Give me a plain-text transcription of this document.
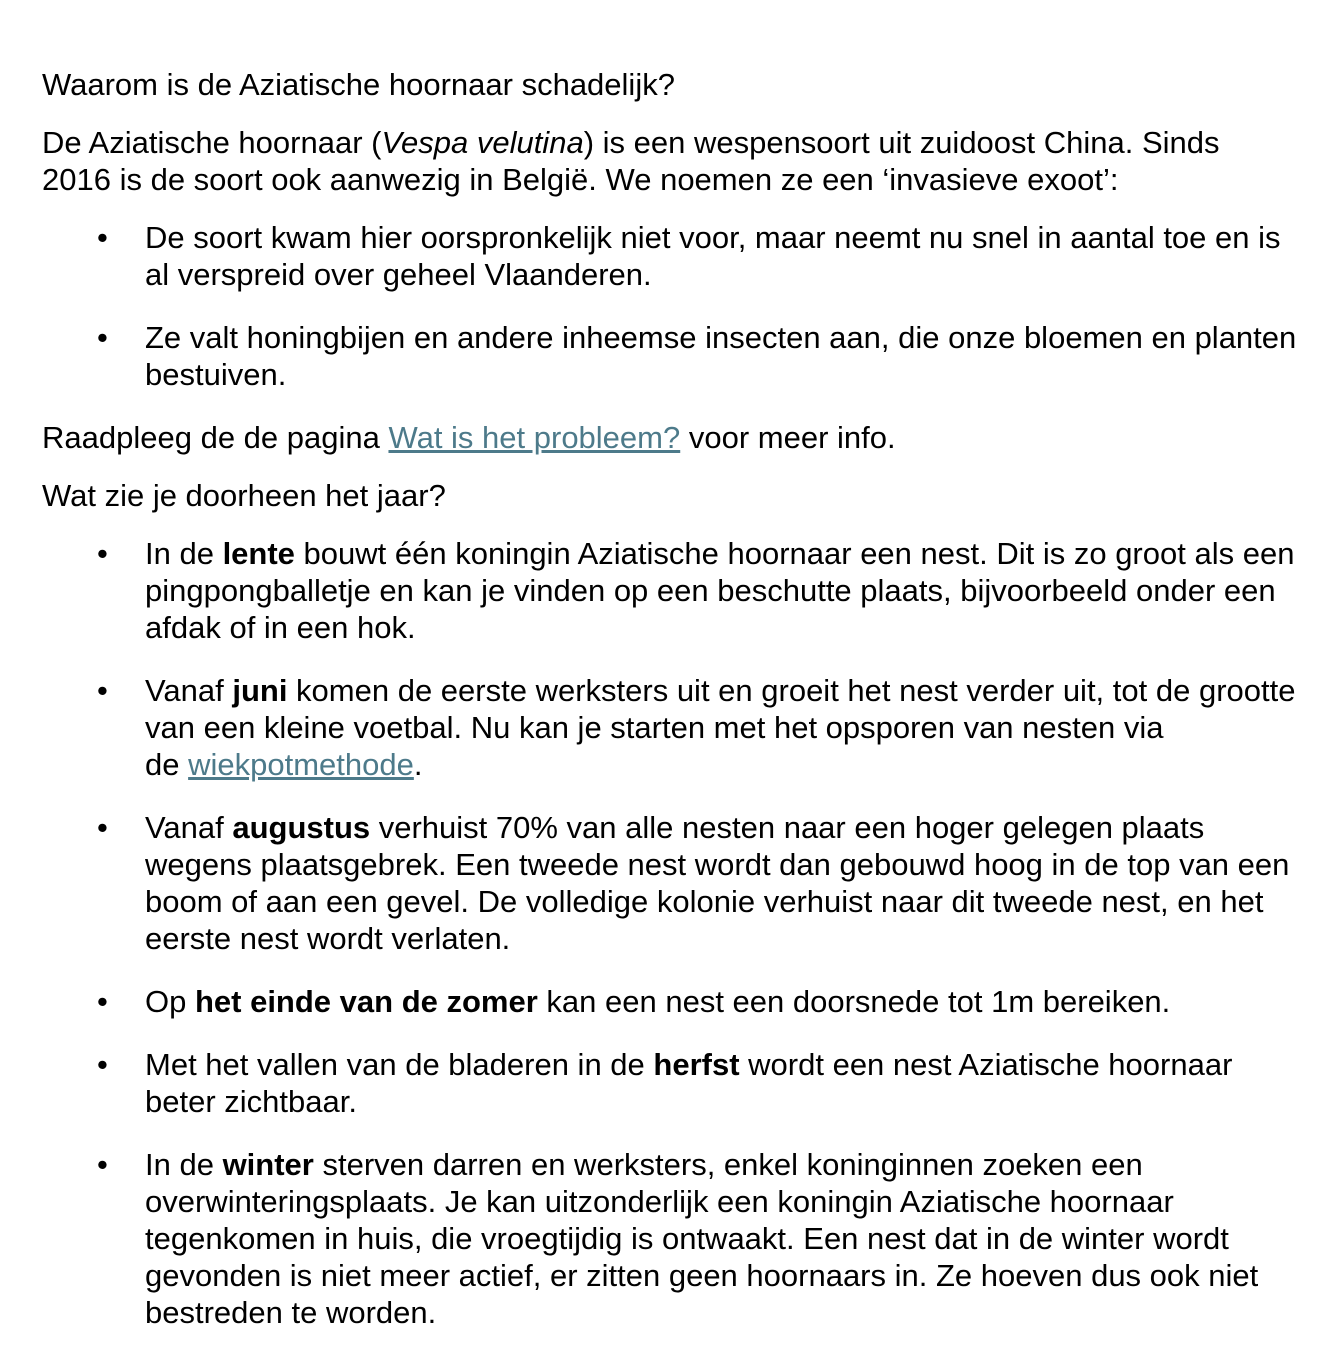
Waarom is de Aziatische hoornaar schadelijk?

De Aziatische hoornaar (Vespa velutina) is een wespensoort uit zuidoost China. Sinds 2016 is de soort ook aanwezig in België. We noemen ze een ‘invasieve exoot’:

• De soort kwam hier oorspronkelijk niet voor, maar neemt nu snel in aantal toe en is al verspreid over geheel Vlaanderen.
• Ze valt honingbijen en andere inheemse insecten aan, die onze bloemen en planten bestuiven.

Raadpleeg de de pagina Wat is het probleem? voor meer info.

Wat zie je doorheen het jaar?

• In de lente bouwt één koningin Aziatische hoornaar een nest. Dit is zo groot als een pingpongballetje en kan je vinden op een beschutte plaats, bijvoorbeeld onder een afdak of in een hok.
• Vanaf juni komen de eerste werksters uit en groeit het nest verder uit, tot de grootte van een kleine voetbal. Nu kan je starten met het opsporen van nesten via de wiekpotmethode.
• Vanaf augustus verhuist 70% van alle nesten naar een hoger gelegen plaats wegens plaatsgebrek. Een tweede nest wordt dan gebouwd hoog in de top van een boom of aan een gevel. De volledige kolonie verhuist naar dit tweede nest, en het eerste nest wordt verlaten.
• Op het einde van de zomer kan een nest een doorsnede tot 1m bereiken.
• Met het vallen van de bladeren in de herfst wordt een nest Aziatische hoornaar beter zichtbaar.
• In de winter sterven darren en werksters, enkel koninginnen zoeken een overwinteringsplaats. Je kan uitzonderlijk een koningin Aziatische hoornaar tegenkomen in huis, die vroegtijdig is ontwaakt. Een nest dat in de winter wordt gevonden is niet meer actief, er zitten geen hoornaars in. Ze hoeven dus ook niet bestreden te worden.
